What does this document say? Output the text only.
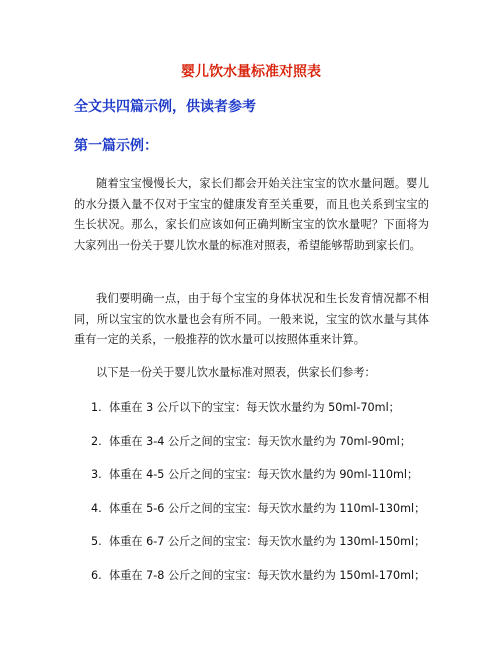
婴儿饮水量标准对照表
全文共四篇示例，供读者参考
第一篇示例：

随着宝宝慢慢长大，家长们都会开始关注宝宝的饮水量问题。婴儿的水分摄入量不仅对于宝宝的健康发育至关重要，而且也关系到宝宝的生长状况。那么，家长们应该如何正确判断宝宝的饮水量呢？下面将为大家列出一份关于婴儿饮水量的标准对照表，希望能够帮助到家长们。

我们要明确一点，由于每个宝宝的身体状况和生长发育情况都不相同，所以宝宝的饮水量也会有所不同。一般来说，宝宝的饮水量与其体重有一定的关系，一般推荐的饮水量可以按照体重来计算。

以下是一份关于婴儿饮水量标准对照表，供家长们参考：

1. 体重在 3 公斤以下的宝宝：每天饮水量约为 50ml-70ml；
2. 体重在 3-4 公斤之间的宝宝：每天饮水量约为 70ml-90ml；
3. 体重在 4-5 公斤之间的宝宝：每天饮水量约为 90ml-110ml；
4. 体重在 5-6 公斤之间的宝宝：每天饮水量约为 110ml-130ml；
5. 体重在 6-7 公斤之间的宝宝：每天饮水量约为 130ml-150ml；
6. 体重在 7-8 公斤之间的宝宝：每天饮水量约为 150ml-170ml；
